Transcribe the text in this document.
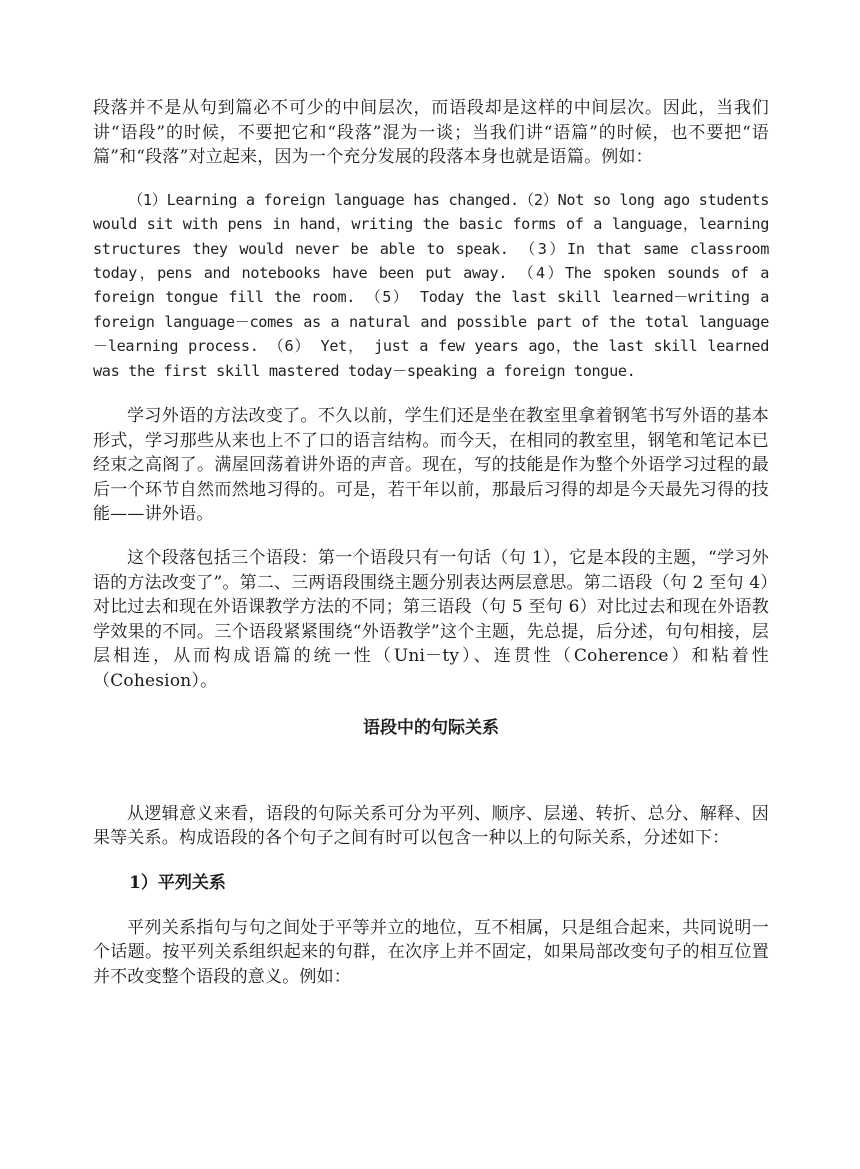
段落并不是从句到篇必不可少的中间层次，而语段却是这样的中间层次。因此，当我们讲“语段”的时候，不要把它和“段落”混为一谈；当我们讲“语篇”的时候，也不要把“语篇”和“段落”对立起来，因为一个充分发展的段落本身也就是语篇。例如：

（1）Learning a foreign language has changed.（2）Not so long ago students would sit with pens in hand，writing the basic forms of a language，learning structures they would never be able to speak. （3）In that same classroom today，pens and notebooks have been put away. （4）The spoken sounds of a foreign tongue fill the room. （5） Today the last skill learned－writing a foreign language－comes as a natural and possible part of the total language－learning process. （6） Yet， just a few years ago，the last skill learned was the first skill mastered today－speaking a foreign tongue.

学习外语的方法改变了。不久以前，学生们还是坐在教室里拿着钢笔书写外语的基本形式，学习那些从来也上不了口的语言结构。而今天，在相同的教室里，钢笔和笔记本已经束之高阁了。满屋回荡着讲外语的声音。现在，写的技能是作为整个外语学习过程的最后一个环节自然而然地习得的。可是，若干年以前，那最后习得的却是今天最先习得的技能——讲外语。

这个段落包括三个语段：第一个语段只有一句话（句 1），它是本段的主题，“学习外语的方法改变了”。第二、三两语段围绕主题分别表达两层意思。第二语段（句 2 至句 4）对比过去和现在外语课教学方法的不同；第三语段（句 5 至句 6）对比过去和现在外语教学效果的不同。三个语段紧紧围绕“外语教学”这个主题，先总提，后分述，句句相接，层层相连，从而构成语篇的统一性（Uni－ty）、连贯性（Coherence）和粘着性（Cohesion）。

语段中的句际关系

从逻辑意义来看，语段的句际关系可分为平列、顺序、层递、转折、总分、解释、因果等关系。构成语段的各个句子之间有时可以包含一种以上的句际关系，分述如下：

1）平列关系

平列关系指句与句之间处于平等并立的地位，互不相属，只是组合起来，共同说明一个话题。按平列关系组织起来的句群，在次序上并不固定，如果局部改变句子的相互位置并不改变整个语段的意义。例如：
